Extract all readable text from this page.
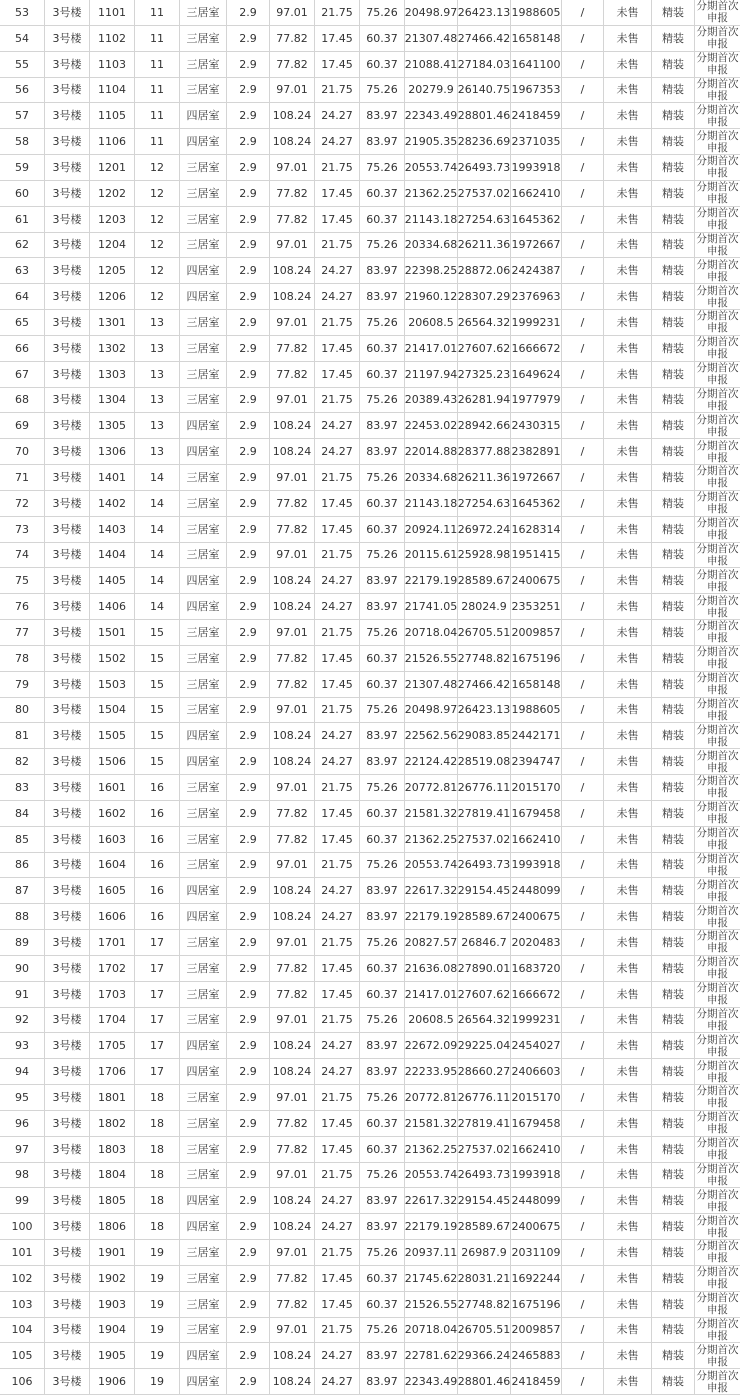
53	3号楼	1101	11	三居室	2.9	97.01	21.75	75.26 20498.97 26423.13 1988605	/	未售	精装	分期首次申报
54	3号楼	1102	11	三居室	2.9	77.82	17.45	60.37 21307.48 27466.42 1658148	/	未售	精装	分期首次申报
55	3号楼	1103	11	三居室	2.9	77.82	17.45	60.37 21088.41 27184.03 1641100	/	未售	精装	分期首次申报
56	3号楼	1104	11	三居室	2.9	97.01	21.75	75.26 20279.9 26140.75 1967353	/	未售	精装	分期首次申报
57	3号楼	1105	11	四居室	2.9	108.24 24.27	83.97 22343.49 28801.46 2418459	/	未售	精装	分期首次申报
58	3号楼	1106	11	四居室	2.9	108.24 24.27	83.97 21905.35 28236.69 2371035	/	未售	精装	分期首次申报
59	3号楼	1201	12	三居室	2.9	97.01	21.75	75.26 20553.74 26493.73 1993918	/	未售	精装	分期首次申报
60	3号楼	1202	12	三居室	2.9	77.82	17.45	60.37 21362.25 27537.02 1662410	/	未售	精装	分期首次申报
61	3号楼	1203	12	三居室	2.9	77.82	17.45	60.37 21143.18 27254.63 1645362	/	未售	精装	分期首次申报
62	3号楼	1204	12	三居室	2.9	97.01	21.75	75.26 20334.68 26211.36 1972667	/	未售	精装	分期首次申报
63	3号楼	1205	12	四居室	2.9	108.24 24.27	83.97 22398.25 28872.06 2424387	/	未售	精装	分期首次申报
64	3号楼	1206	12	四居室	2.9	108.24 24.27	83.97 21960.12 28307.29 2376963	/	未售	精装	分期首次申报
65	3号楼	1301	13	三居室	2.9	97.01	21.75	75.26 20608.5 26564.32 1999231	/	未售	精装	分期首次申报
66	3号楼	1302	13	三居室	2.9	77.82	17.45	60.37 21417.01 27607.62 1666672	/	未售	精装	分期首次申报
67	3号楼	1303	13	三居室	2.9	77.82	17.45	60.37 21197.94 27325.23 1649624	/	未售	精装	分期首次申报
68	3号楼	1304	13	三居室	2.9	97.01	21.75	75.26 20389.43 26281.94 1977979	/	未售	精装	分期首次申报
69	3号楼	1305	13	四居室	2.9	108.24 24.27	83.97 22453.02 28942.66 2430315	/	未售	精装	分期首次申报
70	3号楼	1306	13	四居室	2.9	108.24 24.27	83.97 22014.88 28377.88 2382891	/	未售	精装	分期首次申报
71	3号楼	1401	14	三居室	2.9	97.01	21.75	75.26 20334.68 26211.36 1972667	/	未售	精装	分期首次申报
72	3号楼	1402	14	三居室	2.9	77.82	17.45	60.37 21143.18 27254.63 1645362	/	未售	精装	分期首次申报
73	3号楼	1403	14	三居室	2.9	77.82	17.45	60.37 20924.11 26972.24 1628314	/	未售	精装	分期首次申报
74	3号楼	1404	14	三居室	2.9	97.01	21.75	75.26 20115.61 25928.98 1951415	/	未售	精装	分期首次申报
75	3号楼	1405	14	四居室	2.9	108.24 24.27	83.97 22179.19 28589.67 2400675	/	未售	精装	分期首次申报
76	3号楼	1406	14	四居室	2.9	108.24 24.27	83.97 21741.05 28024.9 2353251	/	未售	精装	分期首次申报
77	3号楼	1501	15	三居室	2.9	97.01	21.75	75.26 20718.04 26705.51 2009857	/	未售	精装	分期首次申报
78	3号楼	1502	15	三居室	2.9	77.82	17.45	60.37 21526.55 27748.82 1675196	/	未售	精装	分期首次申报
79	3号楼	1503	15	三居室	2.9	77.82	17.45	60.37 21307.48 27466.42 1658148	/	未售	精装	分期首次申报
80	3号楼	1504	15	三居室	2.9	97.01	21.75	75.26 20498.97 26423.13 1988605	/	未售	精装	分期首次申报
81	3号楼	1505	15	四居室	2.9	108.24 24.27	83.97 22562.56 29083.85 2442171	/	未售	精装	分期首次申报
82	3号楼	1506	15	四居室	2.9	108.24 24.27	83.97 22124.42 28519.08 2394747	/	未售	精装	分期首次申报
83	3号楼	1601	16	三居室	2.9	97.01	21.75	75.26 20772.81 26776.11 2015170	/	未售	精装	分期首次申报
84	3号楼	1602	16	三居室	2.9	77.82	17.45	60.37 21581.32 27819.41 1679458	/	未售	精装	分期首次申报
85	3号楼	1603	16	三居室	2.9	77.82	17.45	60.37 21362.25 27537.02 1662410	/	未售	精装	分期首次申报
86	3号楼	1604	16	三居室	2.9	97.01	21.75	75.26 20553.74 26493.73 1993918	/	未售	精装	分期首次申报
87	3号楼	1605	16	四居室	2.9	108.24 24.27	83.97 22617.32 29154.45 2448099	/	未售	精装	分期首次申报
88	3号楼	1606	16	四居室	2.9	108.24 24.27	83.97 22179.19 28589.67 2400675	/	未售	精装	分期首次申报
89	3号楼	1701	17	三居室	2.9	97.01	21.75	75.26 20827.57 26846.7 2020483	/	未售	精装	分期首次申报
90	3号楼	1702	17	三居室	2.9	77.82	17.45	60.37 21636.08 27890.01 1683720	/	未售	精装	分期首次申报
91	3号楼	1703	17	三居室	2.9	77.82	17.45	60.37 21417.01 27607.62 1666672	/	未售	精装	分期首次申报
92	3号楼	1704	17	三居室	2.9	97.01	21.75	75.26 20608.5 26564.32 1999231	/	未售	精装	分期首次申报
93	3号楼	1705	17	四居室	2.9	108.24 24.27	83.97 22672.09 29225.04 2454027	/	未售	精装	分期首次申报
94	3号楼	1706	17	四居室	2.9	108.24 24.27	83.97 22233.95 28660.27 2406603	/	未售	精装	分期首次申报
95	3号楼	1801	18	三居室	2.9	97.01	21.75	75.26 20772.81 26776.11 2015170	/	未售	精装	分期首次申报
96	3号楼	1802	18	三居室	2.9	77.82	17.45	60.37 21581.32 27819.41 1679458	/	未售	精装	分期首次申报
97	3号楼	1803	18	三居室	2.9	77.82	17.45	60.37 21362.25 27537.02 1662410	/	未售	精装	分期首次申报
98	3号楼	1804	18	三居室	2.9	97.01	21.75	75.26 20553.74 26493.73 1993918	/	未售	精装	分期首次申报
99	3号楼	1805	18	四居室	2.9	108.24 24.27	83.97 22617.32 29154.45 2448099	/	未售	精装	分期首次申报
100	3号楼	1806	18	四居室	2.9	108.24 24.27	83.97 22179.19 28589.67 2400675	/	未售	精装	分期首次申报
101	3号楼	1901	19	三居室	2.9	97.01	21.75	75.26 20937.11 26987.9 2031109	/	未售	精装	分期首次申报
102	3号楼	1902	19	三居室	2.9	77.82	17.45	60.37 21745.62 28031.21 1692244	/	未售	精装	分期首次申报
103	3号楼	1903	19	三居室	2.9	77.82	17.45	60.37 21526.55 27748.82 1675196	/	未售	精装	分期首次申报
104	3号楼	1904	19	三居室	2.9	97.01	21.75	75.26 20718.04 26705.51 2009857	/	未售	精装	分期首次申报
105	3号楼	1905	19	四居室	2.9	108.24 24.27	83.97 22781.62 29366.24 2465883	/	未售	精装	分期首次申报
106	3号楼	1906	19	四居室	2.9	108.24 24.27	83.97 22343.49 28801.46 2418459	/	未售	精装	分期首次申报
